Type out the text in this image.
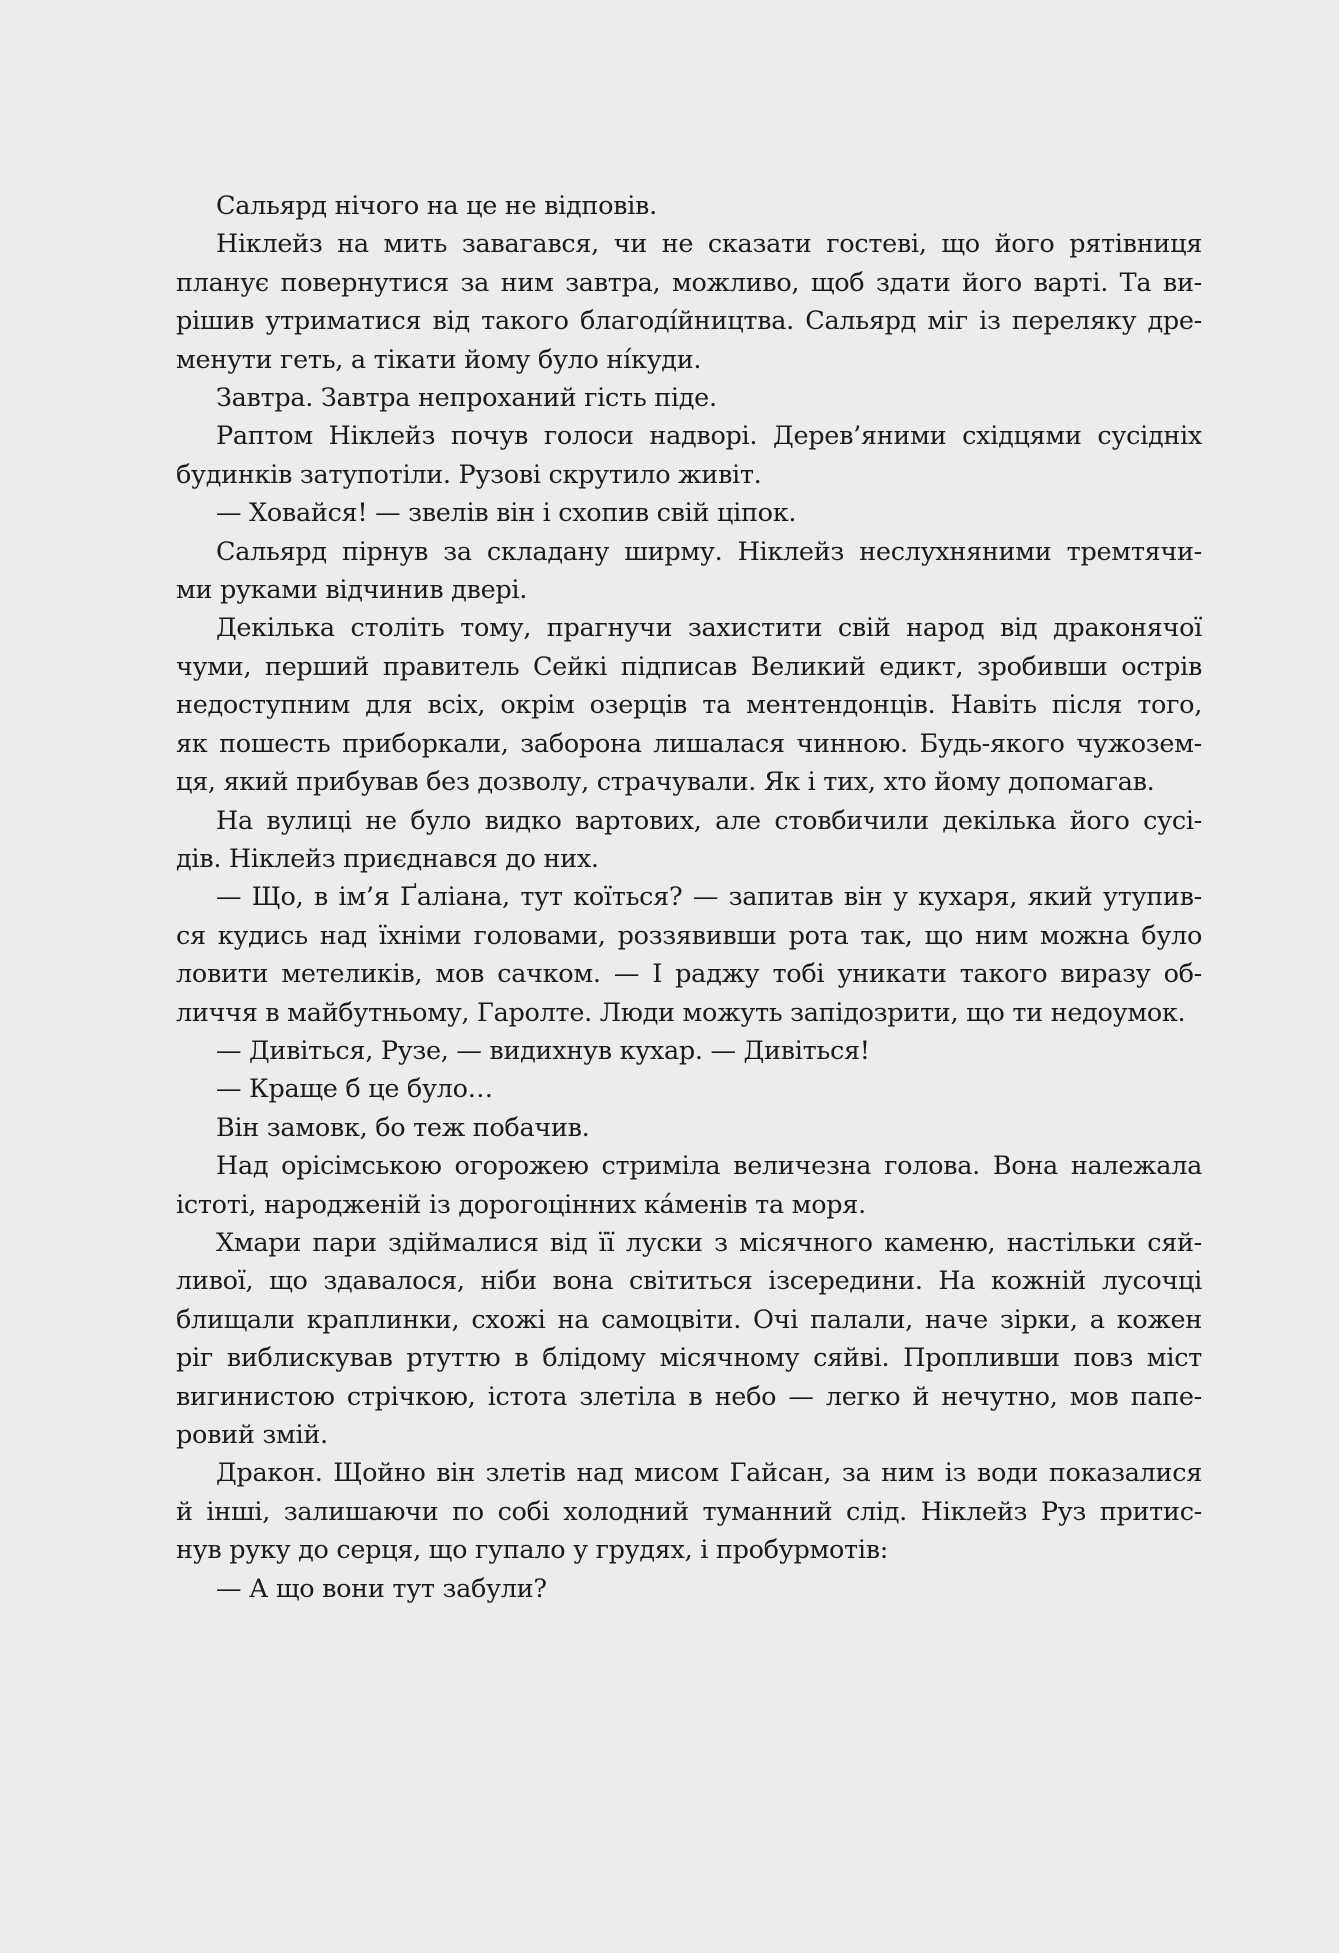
Сальярд нічого на це не відповів.
Ніклейз на мить завагався, чи не сказати гостеві, що його рятівниця
планує повернутися за ним завтра, можливо, щоб здати його варті. Та ви-
рішив утриматися від такого благоді́йництва. Сальярд міг із переляку дре-
менути геть, а тікати йому було ні́куди.
Завтра. Завтра непроханий гість піде.
Раптом Ніклейз почув голоси надворі. Дерев’яними східцями сусідніх
будинків затупотіли. Рузові скрутило живіт.
— Ховайся! — звелів він і схопив свій ціпок.
Сальярд пірнув за складану ширму. Ніклейз неслухняними тремтячи-
ми руками відчинив двері.
Декілька століть тому, прагнучи захистити свій народ від драконячої
чуми, перший правитель Сейкі підписав Великий едикт, зробивши острів
недоступним для всіх, окрім озерців та ментендонців. Навіть після того,
як пошесть приборкали, заборона лишалася чинною. Будь-якого чужозем-
ця, який прибував без дозволу, страчували. Як і тих, хто йому допомагав.
На вулиці не було видко вартових, але стовбичили декілька його сусі-
дів. Ніклейз приєднався до них.
— Що, в ім’я Ґаліана, тут коїться? — запитав він у кухаря, який утупив-
ся кудись над їхніми головами, роззявивши рота так, що ним можна було
ловити метеликів, мов сачком. — І раджу тобі уникати такого виразу об-
личчя в майбутньому, Гаролте. Люди можуть запідозрити, що ти недоумок.
— Дивіться, Рузе, — видихнув кухар. — Дивіться!
— Краще б це було…
Він замовк, бо теж побачив.
Над орісімською огорожею стриміла величезна голова. Вона належала
істоті, народженій із дорогоцінних ка́менів та моря.
Хмари пари здіймалися від її луски з місячного каменю, настільки сяй-
ливої, що здавалося, ніби вона світиться ізсередини. На кожній лусочці
блищали краплинки, схожі на самоцвіти. Очі палали, наче зірки, а кожен
ріг виблискував ртуттю в блідому місячному сяйві. Пропливши повз міст
вигинистою стрічкою, істота злетіла в небо — легко й нечутно, мов папе-
ровий змій.
Дракон. Щойно він злетів над мисом Гайсан, за ним із води показалися
й інші, залишаючи по собі холодний туманний слід. Ніклейз Руз притис-
нув руку до серця, що гупало у грудях, і пробурмотів:
— А що вони тут забули?
